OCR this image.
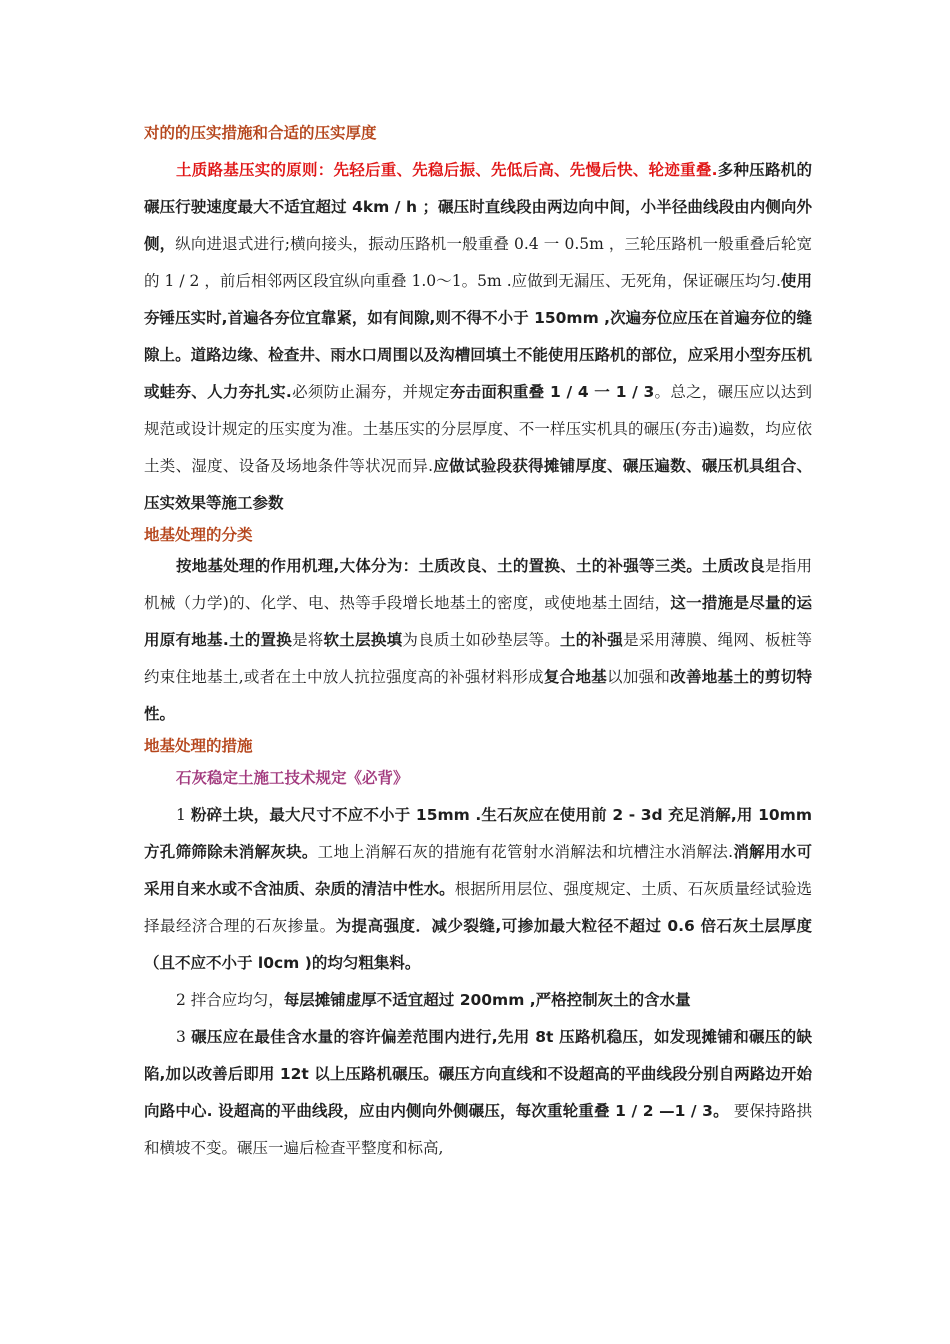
对的的压实措施和合适的压实厚度

土质路基压实的原则：先轻后重、先稳后振、先低后高、先慢后快、轮迹重叠.多种压路机的碾压行驶速度最大不适宜超过 4km / h ；碾压时直线段由两边向中间，小半径曲线段由内侧向外侧，纵向进退式进行;横向接头，振动压路机一般重叠 0.4 一 0.5m ，三轮压路机一般重叠后轮宽的 1 / 2 ，前后相邻两区段宜纵向重叠 1.0～1。5m .应做到无漏压、无死角，保证碾压均匀.使用夯锤压实时,首遍各夯位宜靠紧，如有间隙,则不得不小于 150mm ,次遍夯位应压在首遍夯位的缝隙上。道路边缘、检查井、雨水口周围以及沟槽回填土不能使用压路机的部位，应采用小型夯压机或蛙夯、人力夯扎实.必须防止漏夯，并规定夯击面积重叠 1 / 4 一 1 / 3。总之，碾压应以达到规范或设计规定的压实度为准。土基压实的分层厚度、不一样压实机具的碾压(夯击)遍数，均应依土类、湿度、设备及场地条件等状况而异.应做试验段获得摊铺厚度、碾压遍数、碾压机具组合、压实效果等施工参数

地基处理的分类

按地基处理的作用机理,大体分为：土质改良、土的置换、土的补强等三类。土质改良是指用机械（力学)的、化学、电、热等手段增长地基土的密度，或使地基土固结，这一措施是尽量的运用原有地基.土的置换是将软土层换填为良质土如砂垫层等。土的补强是采用薄膜、绳网、板桩等约束住地基土,或者在土中放人抗拉强度高的补强材料形成复合地基以加强和改善地基土的剪切特性。

地基处理的措施

石灰稳定土施工技术规定《必背》

1 粉碎土块，最大尺寸不应不小于 15mm .生石灰应在使用前 2 - 3d 充足消解,用 10mm 方孔筛筛除未消解灰块。工地上消解石灰的措施有花管射水消解法和坑槽注水消解法.消解用水可采用自来水或不含油质、杂质的清洁中性水。根据所用层位、强度规定、土质、石灰质量经试验选择最经济合理的石灰掺量。为提高强度．减少裂缝,可掺加最大粒径不超过 0.6 倍石灰土层厚度（且不应不小于 l0cm )的均匀粗集料。

2 拌合应均匀，每层摊铺虚厚不适宜超过 200mm ,严格控制灰土的含水量

3 碾压应在最佳含水量的容许偏差范围内进行,先用 8t 压路机稳压，如发现摊铺和碾压的缺陷,加以改善后即用 12t 以上压路机碾压。碾压方向直线和不设超高的平曲线段分别自两路边开始向路中心. 设超高的平曲线段，应由内侧向外侧碾压，每次重轮重叠 1 / 2 —1 / 3。 要保持路拱和横坡不变。碾压一遍后检查平整度和标高,
